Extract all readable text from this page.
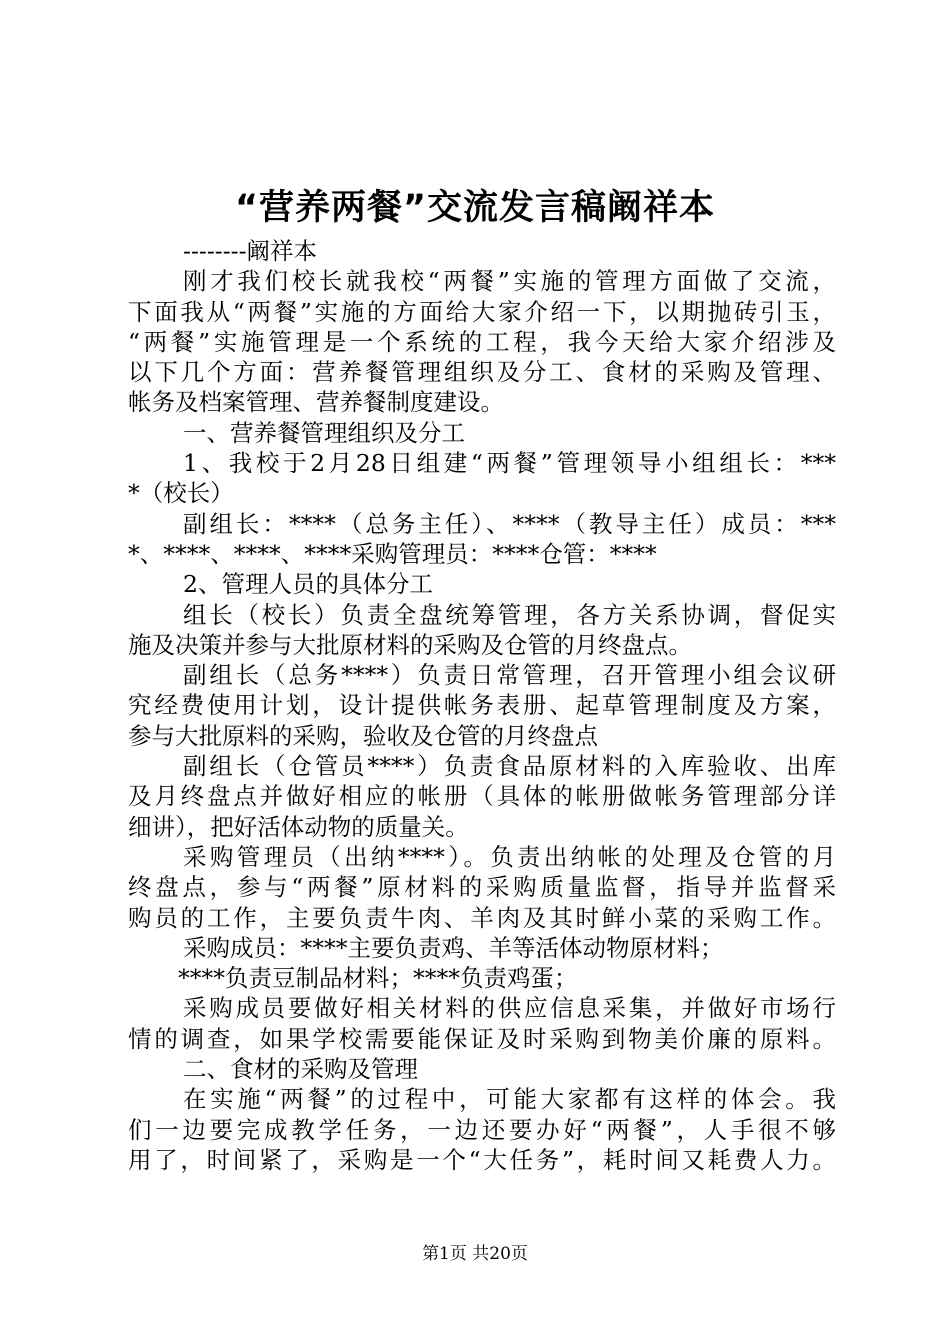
“营养两餐”交流发言稿阚祥本
--------阚祥本
刚才我们校长就我校“两餐”实施的管理方面做了交流，
下面我从“两餐”实施的方面给大家介绍一下，以期抛砖引玉，
“两餐”实施管理是一个系统的工程，我今天给大家介绍涉及
以下几个方面：营养餐管理组织及分工、食材的采购及管理、
帐务及档案管理、营养餐制度建设。
一、营养餐管理组织及分工
1、我校于2月28日组建“两餐”管理领导小组组长：***
*（校长）
副组长：****（总务主任）、****（教导主任）成员：***
*、****、****、****采购管理员：****仓管：****
2、管理人员的具体分工
组长（校长）负责全盘统筹管理，各方关系协调，督促实
施及决策并参与大批原材料的采购及仓管的月终盘点。
副组长（总务****）负责日常管理，召开管理小组会议研
究经费使用计划，设计提供帐务表册、起草管理制度及方案，
参与大批原料的采购，验收及仓管的月终盘点
副组长（仓管员****）负责食品原材料的入库验收、出库
及月终盘点并做好相应的帐册（具体的帐册做帐务管理部分详
细讲），把好活体动物的质量关。
采购管理员（出纳****）。负责出纳帐的处理及仓管的月
终盘点，参与“两餐”原材料的采购质量监督，指导并监督采
购员的工作，主要负责牛肉、羊肉及其时鲜小菜的采购工作。
采购成员：****主要负责鸡、羊等活体动物原材料；
****负责豆制品材料；****负责鸡蛋；
采购成员要做好相关材料的供应信息采集，并做好市场行
情的调查，如果学校需要能保证及时采购到物美价廉的原料。
二、食材的采购及管理
在实施“两餐”的过程中，可能大家都有这样的体会。我
们一边要完成教学任务，一边还要办好“两餐”，人手很不够
用了，时间紧了，采购是一个“大任务”，耗时间又耗费人力。
第1页 共20页
